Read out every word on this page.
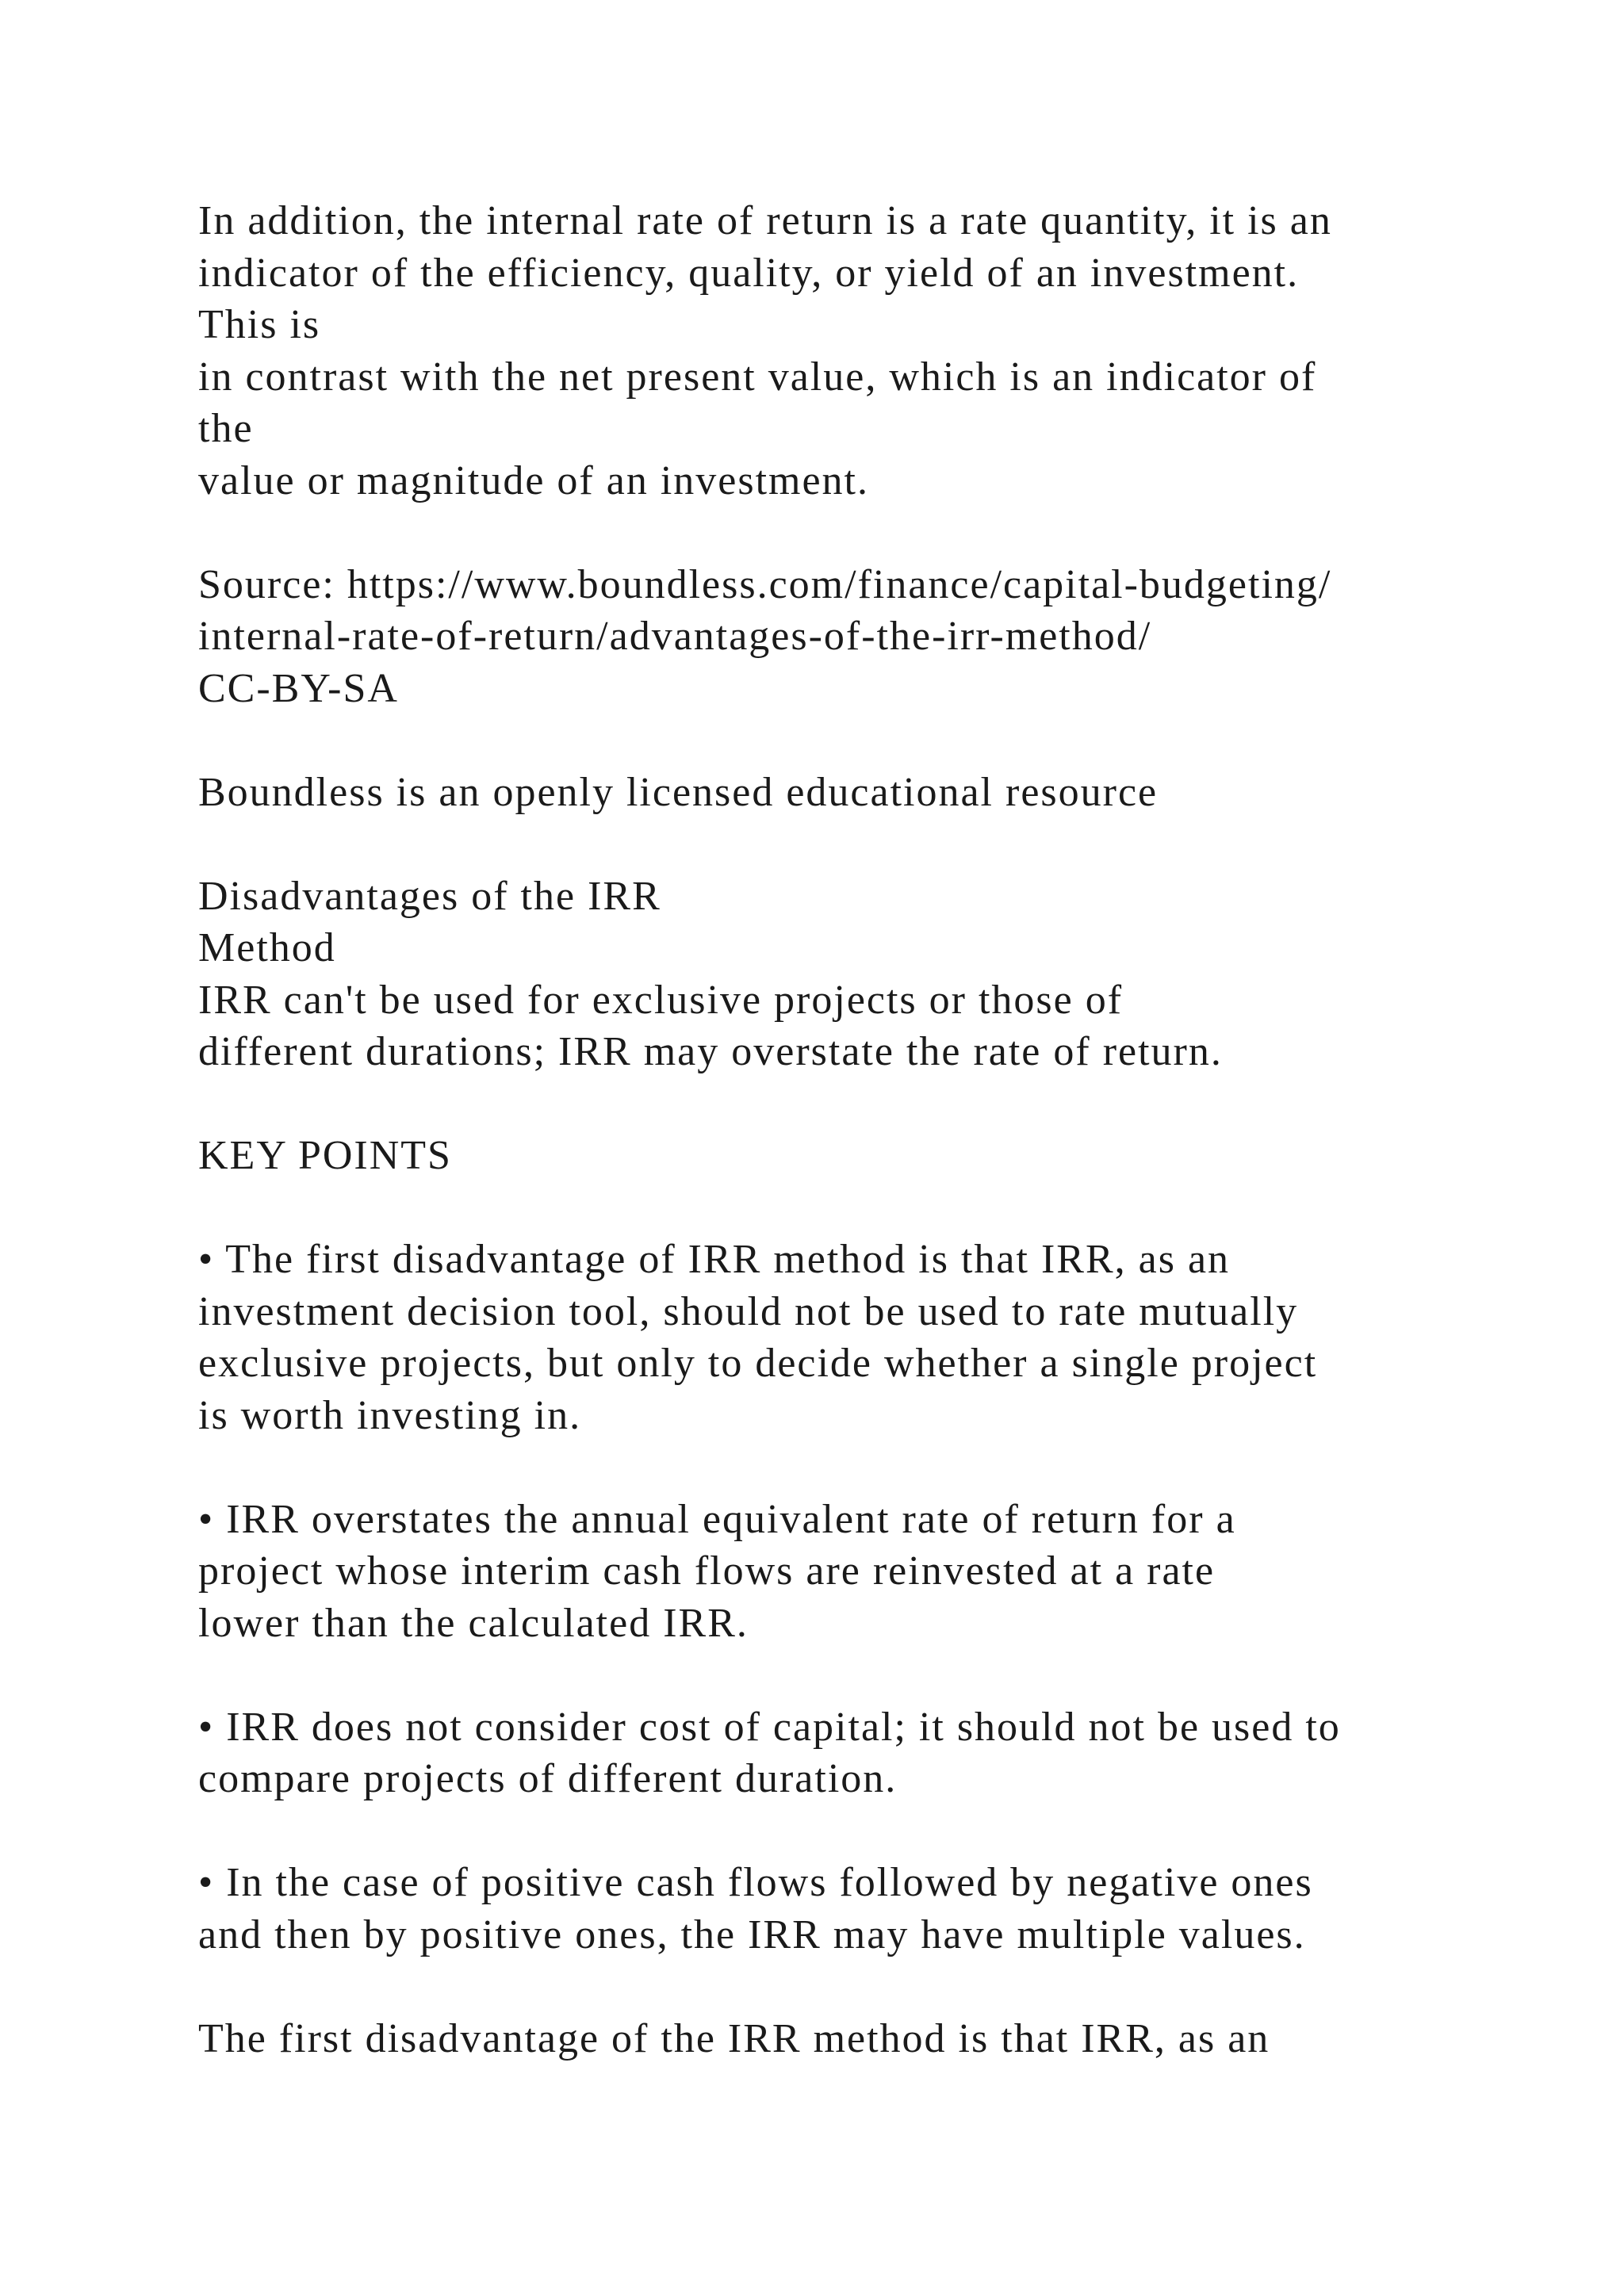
In addition, the internal rate of return is a rate quantity, it is an
indicator of the efficiency, quality, or yield of an investment.
This is
in contrast with the net present value, which is an indicator of
the
value or magnitude of an investment.
Source: https://www.boundless.com/finance/capital-budgeting/
internal-rate-of-return/advantages-of-the-irr-method/
CC-BY-SA
Boundless is an openly licensed educational resource
Disadvantages of the IRR
Method
IRR can't be used for exclusive projects or those of
different durations; IRR may overstate the rate of return.
KEY POINTS
• The first disadvantage of IRR method is that IRR, as an
investment decision tool, should not be used to rate mutually
exclusive projects, but only to decide whether a single project
is worth investing in.
• IRR overstates the annual equivalent rate of return for a
project whose interim cash flows are reinvested at a rate
lower than the calculated IRR.
• IRR does not consider cost of capital; it should not be used to
compare projects of different duration.
• In the case of positive cash flows followed by negative ones
and then by positive ones, the IRR may have multiple values.
The first disadvantage of the IRR method is that IRR, as an
